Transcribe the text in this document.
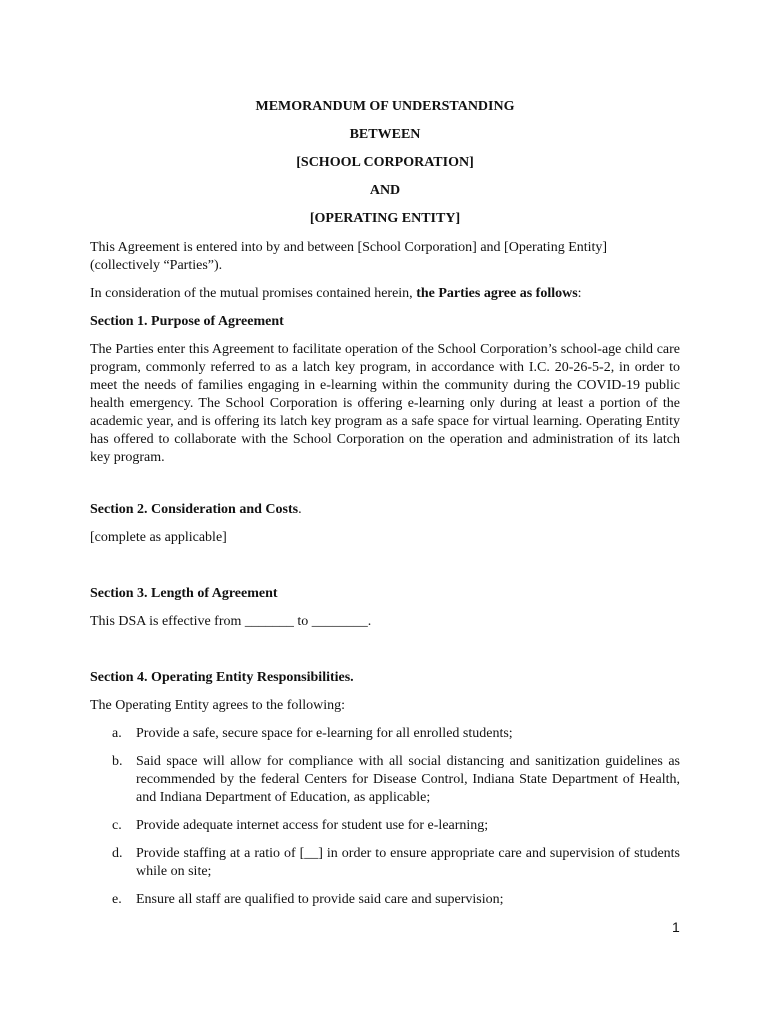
MEMORANDUM OF UNDERSTANDING

BETWEEN

[SCHOOL CORPORATION]

AND

[OPERATING ENTITY]

This Agreement is entered into by and between [School Corporation] and [Operating Entity] (collectively “Parties”).

In consideration of the mutual promises contained herein, the Parties agree as follows:

Section 1. Purpose of Agreement

The Parties enter this Agreement to facilitate operation of the School Corporation’s school-age child care program, commonly referred to as a latch key program, in accordance with I.C. 20-26-5-2, in order to meet the needs of families engaging in e-learning within the community during the COVID-19 public health emergency. The School Corporation is offering e-learning only during at least a portion of the academic year, and is offering its latch key program as a safe space for virtual learning. Operating Entity has offered to collaborate with the School Corporation on the operation and administration of its latch key program.

Section 2. Consideration and Costs.

[complete as applicable]

Section 3. Length of Agreement

This DSA is effective from _______ to ________.

Section 4. Operating Entity Responsibilities.

The Operating Entity agrees to the following:

a. Provide a safe, secure space for e-learning for all enrolled students;
b. Said space will allow for compliance with all social distancing and sanitization guidelines as recommended by the federal Centers for Disease Control, Indiana State Department of Health, and Indiana Department of Education, as applicable;
c. Provide adequate internet access for student use for e-learning;
d. Provide staffing at a ratio of [__] in order to ensure appropriate care and supervision of students while on site;
e. Ensure all staff are qualified to provide said care and supervision;
1
